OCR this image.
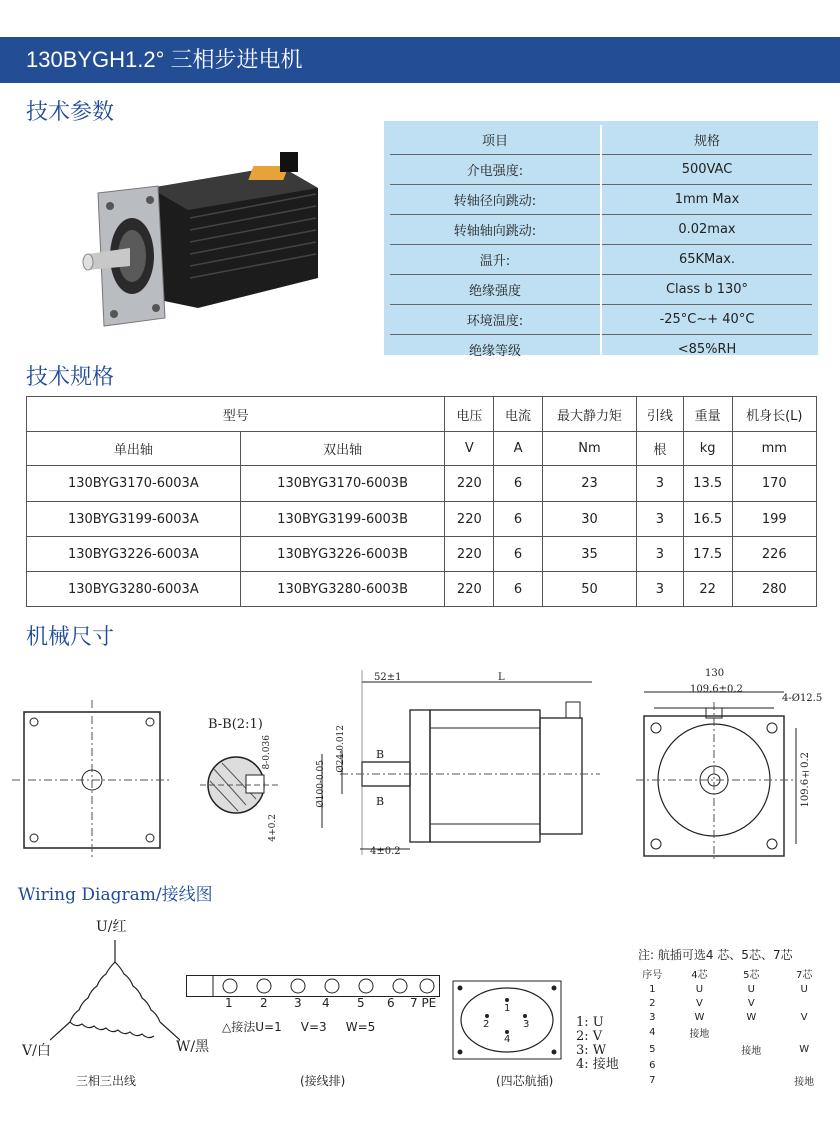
130BYGH1.2° 三相步进电机
技术参数
项目	规格
介电强度:	500VAC
转轴径向跳动:	1mm Max
转轴轴向跳动:	0.02max
温升:	65KMax.
绝缘强度	Class b 130°
环境温度:	-25°C~+ 40°C
绝缘等级	<85%RH
技术规格
型号		电压	电流	最大静力矩	引线	重量	机身长(L)
单出轴	双出轴	V	A	Nm	根	kg	mm
130BYG3170-6003A	130BYG3170-6003B	220	6	23	3	13.5	170
130BYG3199-6003A	130BYG3199-6003B	220	6	30	3	16.5	199
130BYG3226-6003A	130BYG3226-6003B	220	6	35	3	17.5	226
130BYG3280-6003A	130BYG3280-6003B	220	6	50	3	22	280
机械尺寸
B-B(2:1)
8-0.036
4+0.2
52±1	L
4±0.2
Ø24-0.012
Ø100-0.05
B
B
130
109.6±0.2
4-Ø12.5
109.6±0.2
Wiring Diagram/接线图
U/红
V/白	W/黑
三相三出线
1 2 3 4 5 6 7 PE
△接法U=1     V=3     W=5
(接线排)
1
2	3
4
1: U
2: V
3: W
4: 接地
(四芯航插)
注: 航插可选4 芯、5芯、7芯
序号	4芯	5芯	7芯
1	U	U	U
2	V	V	
3	W	W	V
4	接地		
5		接地	W
6			
7			接地
